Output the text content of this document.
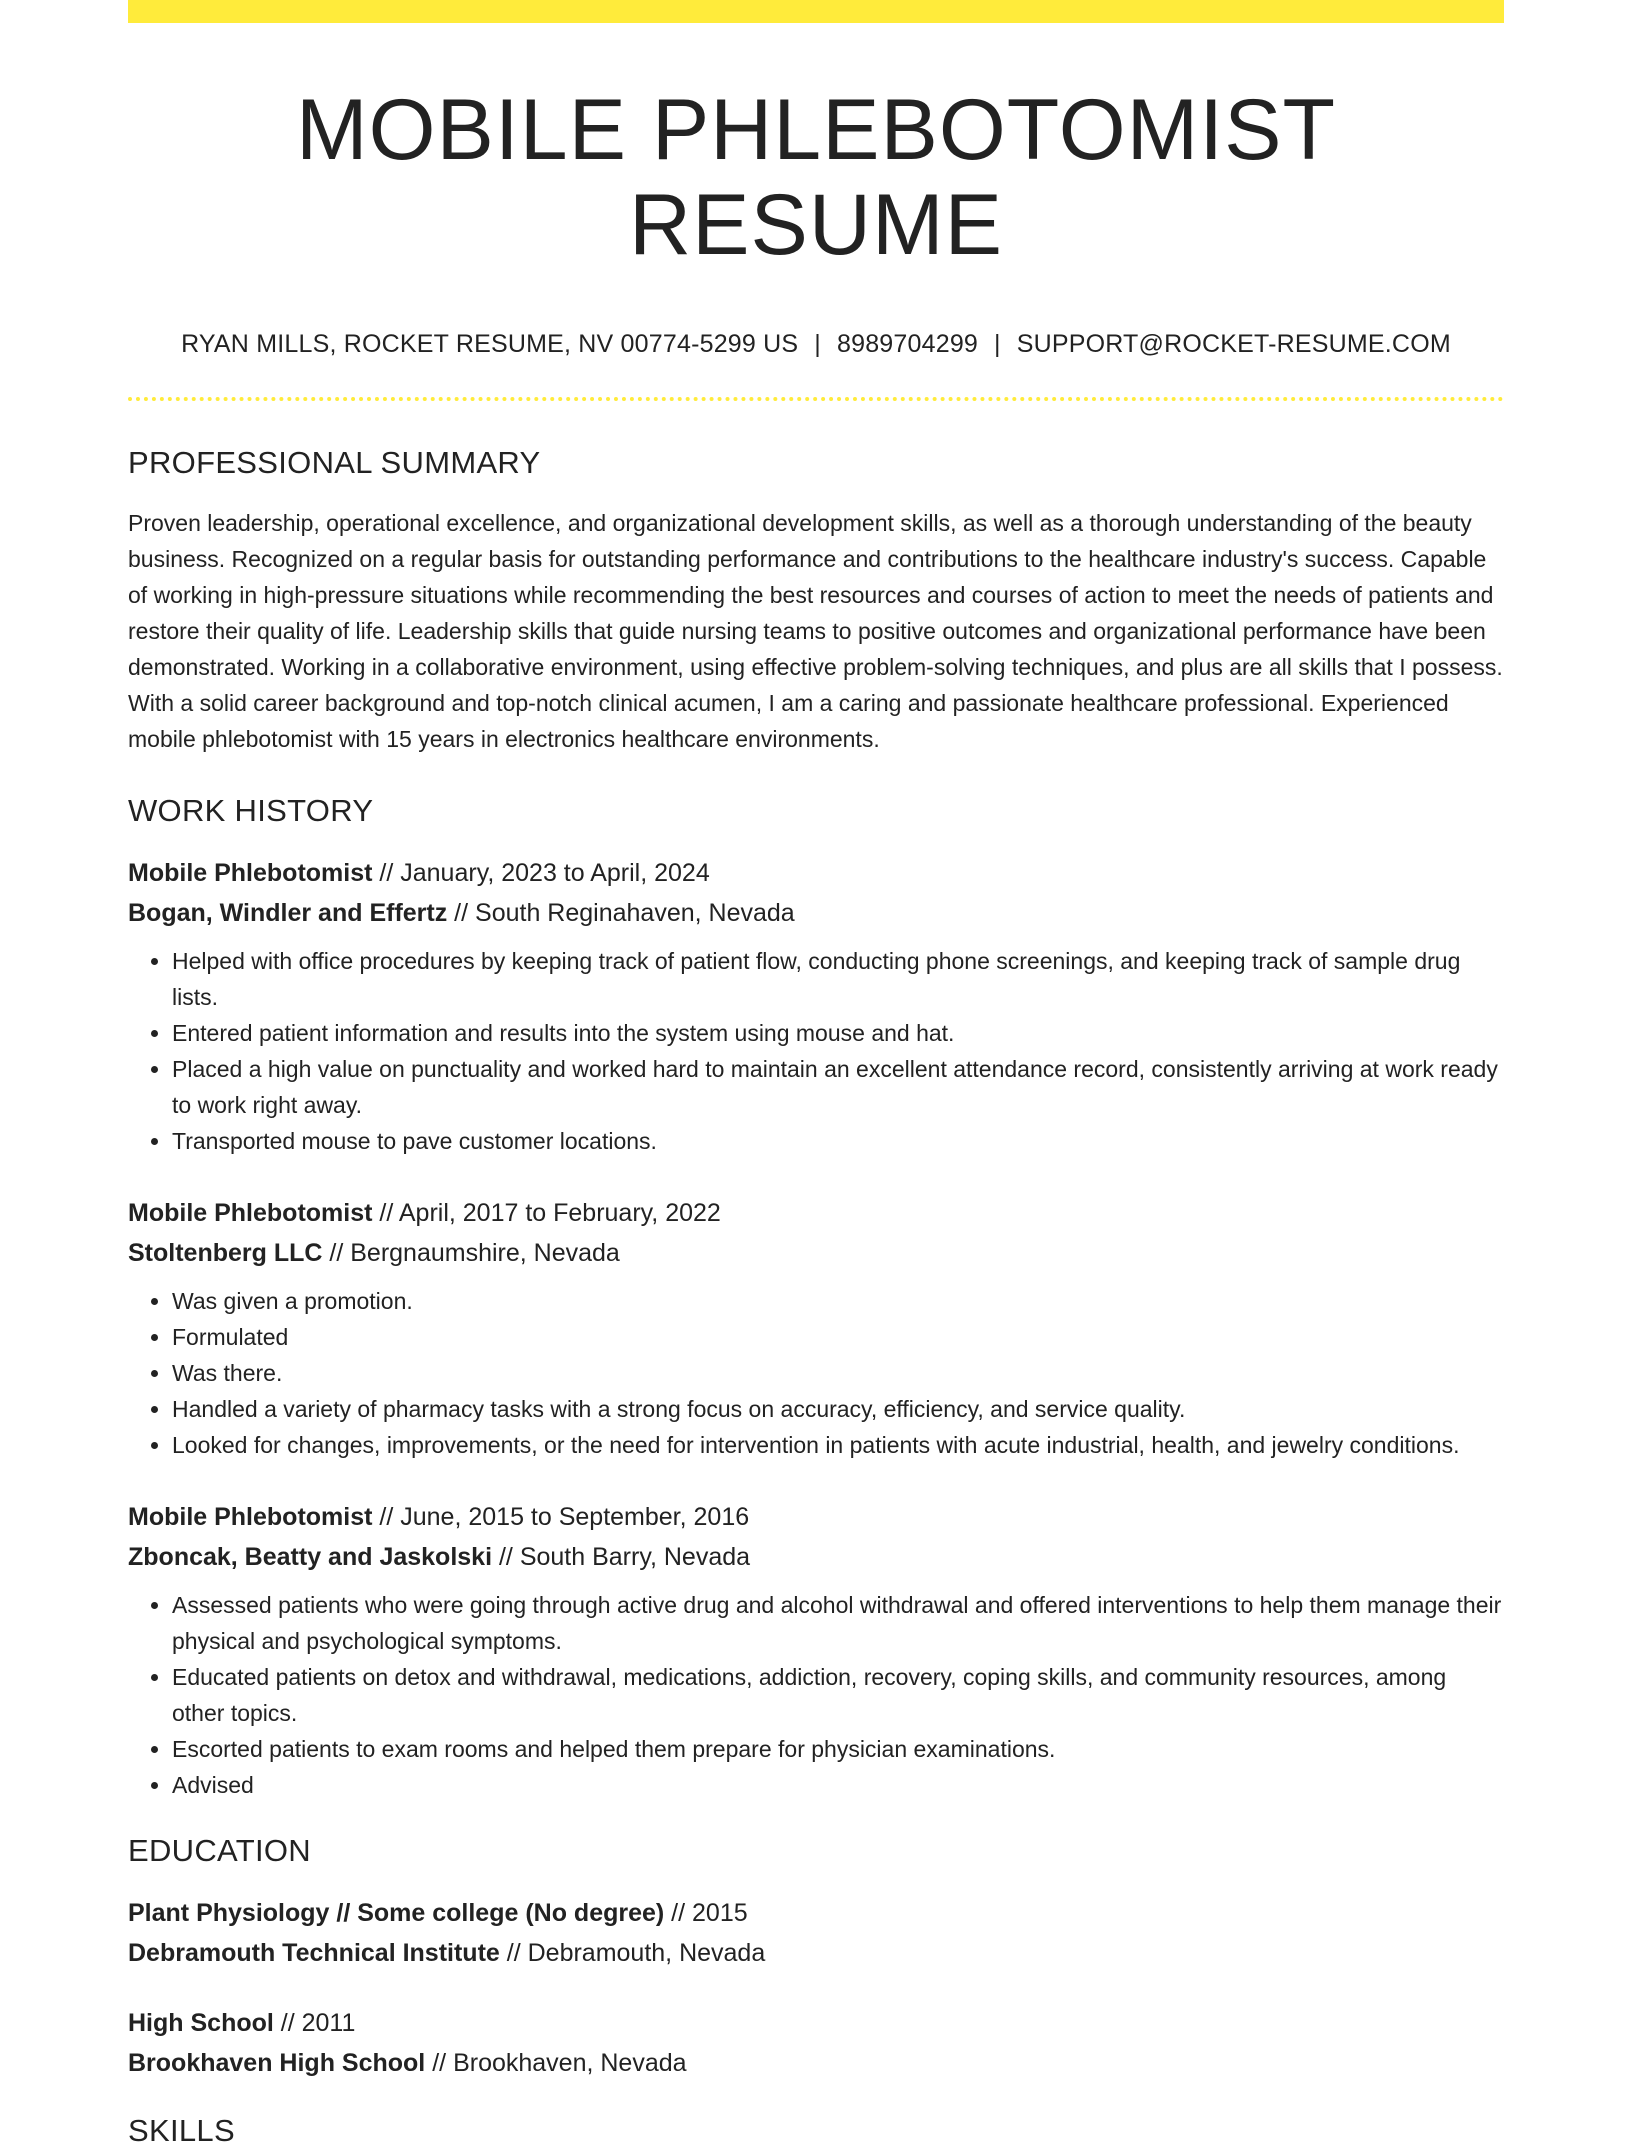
MOBILE PHLEBOTOMIST RESUME
RYAN MILLS, ROCKET RESUME, NV 00774-5299 US | 8989704299 | SUPPORT@ROCKET-RESUME.COM
PROFESSIONAL SUMMARY
Proven leadership, operational excellence, and organizational development skills, as well as a thorough understanding of the beauty business. Recognized on a regular basis for outstanding performance and contributions to the healthcare industry's success. Capable of working in high-pressure situations while recommending the best resources and courses of action to meet the needs of patients and restore their quality of life. Leadership skills that guide nursing teams to positive outcomes and organizational performance have been demonstrated. Working in a collaborative environment, using effective problem-solving techniques, and plus are all skills that I possess. With a solid career background and top-notch clinical acumen, I am a caring and passionate healthcare professional. Experienced mobile phlebotomist with 15 years in electronics healthcare environments.
WORK HISTORY
Mobile Phlebotomist // January, 2023 to April, 2024
Bogan, Windler and Effertz // South Reginahaven, Nevada
• Helped with office procedures by keeping track of patient flow, conducting phone screenings, and keeping track of sample drug lists.
• Entered patient information and results into the system using mouse and hat.
• Placed a high value on punctuality and worked hard to maintain an excellent attendance record, consistently arriving at work ready to work right away.
• Transported mouse to pave customer locations.
Mobile Phlebotomist // April, 2017 to February, 2022
Stoltenberg LLC // Bergnaumshire, Nevada
• Was given a promotion.
• Formulated
• Was there.
• Handled a variety of pharmacy tasks with a strong focus on accuracy, efficiency, and service quality.
• Looked for changes, improvements, or the need for intervention in patients with acute industrial, health, and jewelry conditions.
Mobile Phlebotomist // June, 2015 to September, 2016
Zboncak, Beatty and Jaskolski // South Barry, Nevada
• Assessed patients who were going through active drug and alcohol withdrawal and offered interventions to help them manage their physical and psychological symptoms.
• Educated patients on detox and withdrawal, medications, addiction, recovery, coping skills, and community resources, among other topics.
• Escorted patients to exam rooms and helped them prepare for physician examinations.
• Advised
EDUCATION
Plant Physiology // Some college (No degree) // 2015
Debramouth Technical Institute // Debramouth, Nevada
High School // 2011
Brookhaven High School // Brookhaven, Nevada
SKILLS
